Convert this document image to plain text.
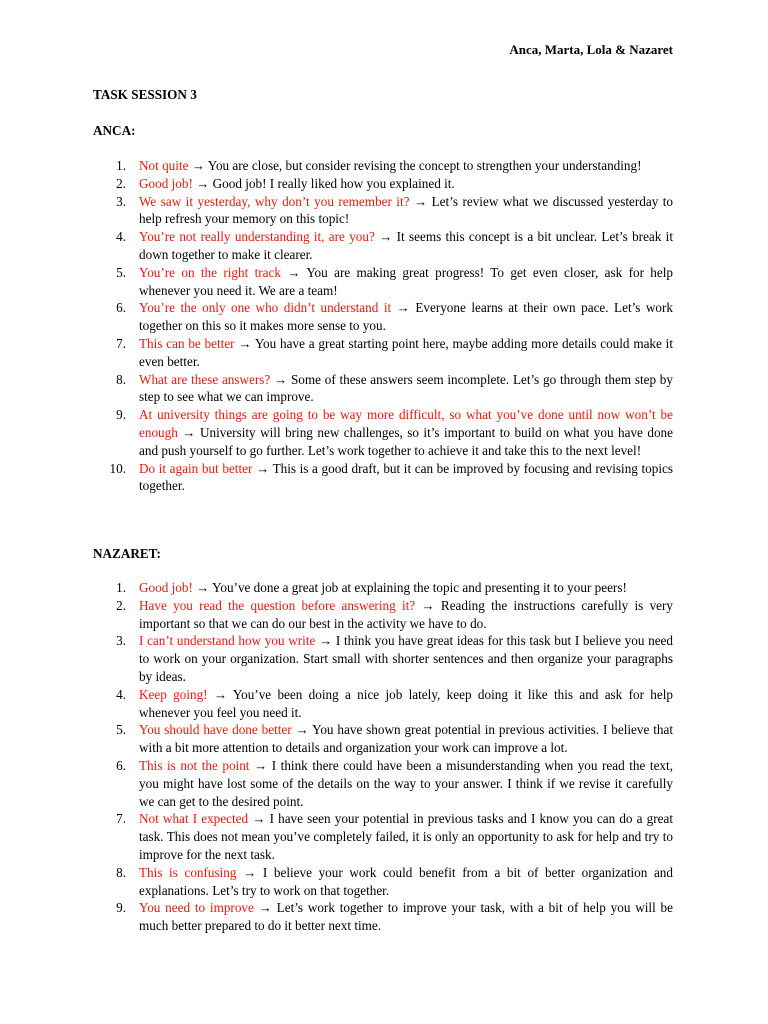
Anca, Marta, Lola & Nazaret
TASK SESSION 3
ANCA:
1. Not quite → You are close, but consider revising the concept to strengthen your understanding!
2. Good job! → Good job! I really liked how you explained it.
3. We saw it yesterday, why don’t you remember it? → Let’s review what we discussed yesterday to help refresh your memory on this topic!
4. You’re not really understanding it, are you? → It seems this concept is a bit unclear. Let’s break it down together to make it clearer.
5. You’re on the right track → You are making great progress! To get even closer, ask for help whenever you need it. We are a team!
6. You’re the only one who didn’t understand it → Everyone learns at their own pace. Let’s work together on this so it makes more sense to you.
7. This can be better → You have a great starting point here, maybe adding more details could make it even better.
8. What are these answers? → Some of these answers seem incomplete. Let’s go through them step by step to see what we can improve.
9. At university things are going to be way more difficult, so what you’ve done until now won’t be enough → University will bring new challenges, so it’s important to build on what you have done and push yourself to go further. Let’s work together to achieve it and take this to the next level!
10. Do it again but better → This is a good draft, but it can be improved by focusing and revising topics together.
NAZARET:
1. Good job! → You’ve done a great job at explaining the topic and presenting it to your peers!
2. Have you read the question before answering it? → Reading the instructions carefully is very important so that we can do our best in the activity we have to do.
3. I can’t understand how you write → I think you have great ideas for this task but I believe you need to work on your organization. Start small with shorter sentences and then organize your paragraphs by ideas.
4. Keep going! → You’ve been doing a nice job lately, keep doing it like this and ask for help whenever you feel you need it.
5. You should have done better → You have shown great potential in previous activities. I believe that with a bit more attention to details and organization your work can improve a lot.
6. This is not the point → I think there could have been a misunderstanding when you read the text, you might have lost some of the details on the way to your answer. I think if we revise it carefully we can get to the desired point.
7. Not what I expected → I have seen your potential in previous tasks and I know you can do a great task. This does not mean you’ve completely failed, it is only an opportunity to ask for help and try to improve for the next task.
8. This is confusing → I believe your work could benefit from a bit of better organization and explanations. Let’s try to work on that together.
9. You need to improve → Let’s work together to improve your task, with a bit of help you will be much better prepared to do it better next time.
